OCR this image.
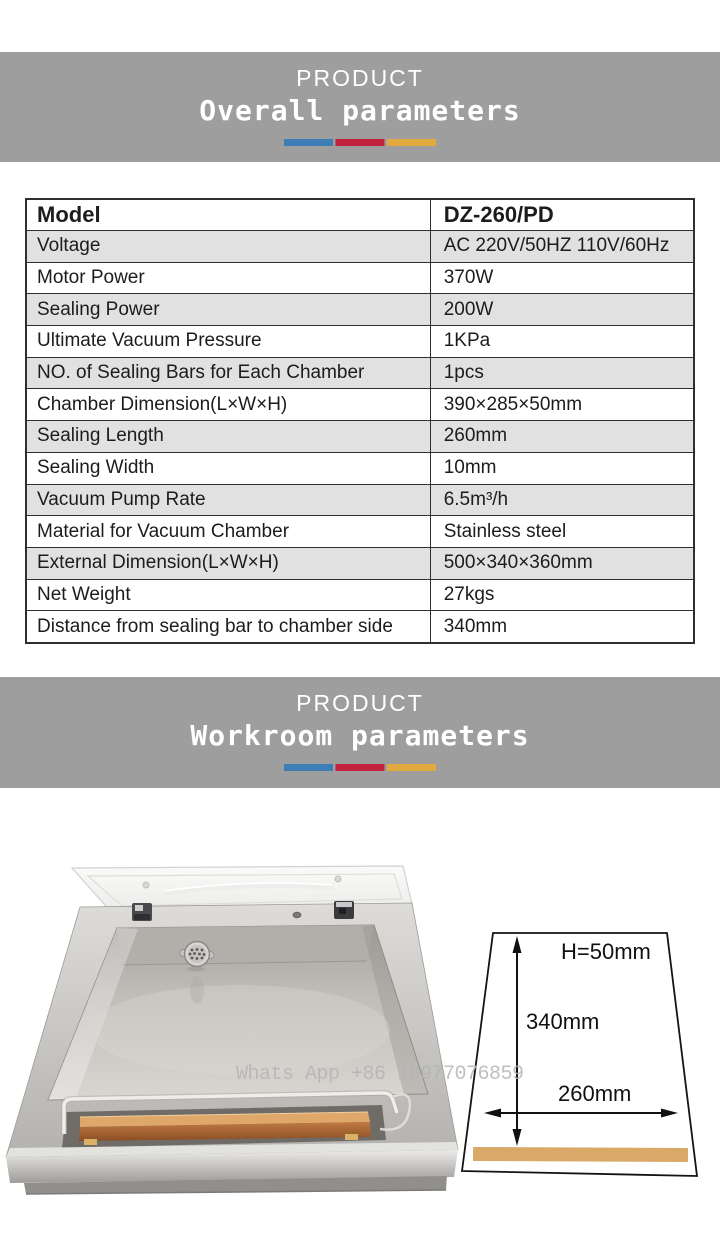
PRODUCT
Overall parameters
Model	DZ-260/PD
Voltage	AC 220V/50HZ 110V/60Hz
Motor Power	370W
Sealing Power	200W
Ultimate Vacuum Pressure	1KPa
NO. of Sealing Bars for Each Chamber	1pcs
Chamber Dimension(L×W×H)	390×285×50mm
Sealing Length	260mm
Sealing Width	10mm
Vacuum Pump Rate	6.5m³/h
Material for Vacuum Chamber	Stainless steel
External Dimension(L×W×H)	500×340×360mm
Net Weight	27kgs
Distance from sealing bar to chamber side	340mm
PRODUCT
Workroom parameters
H=50mm
340mm
260mm
Whats App +86 18977076859
